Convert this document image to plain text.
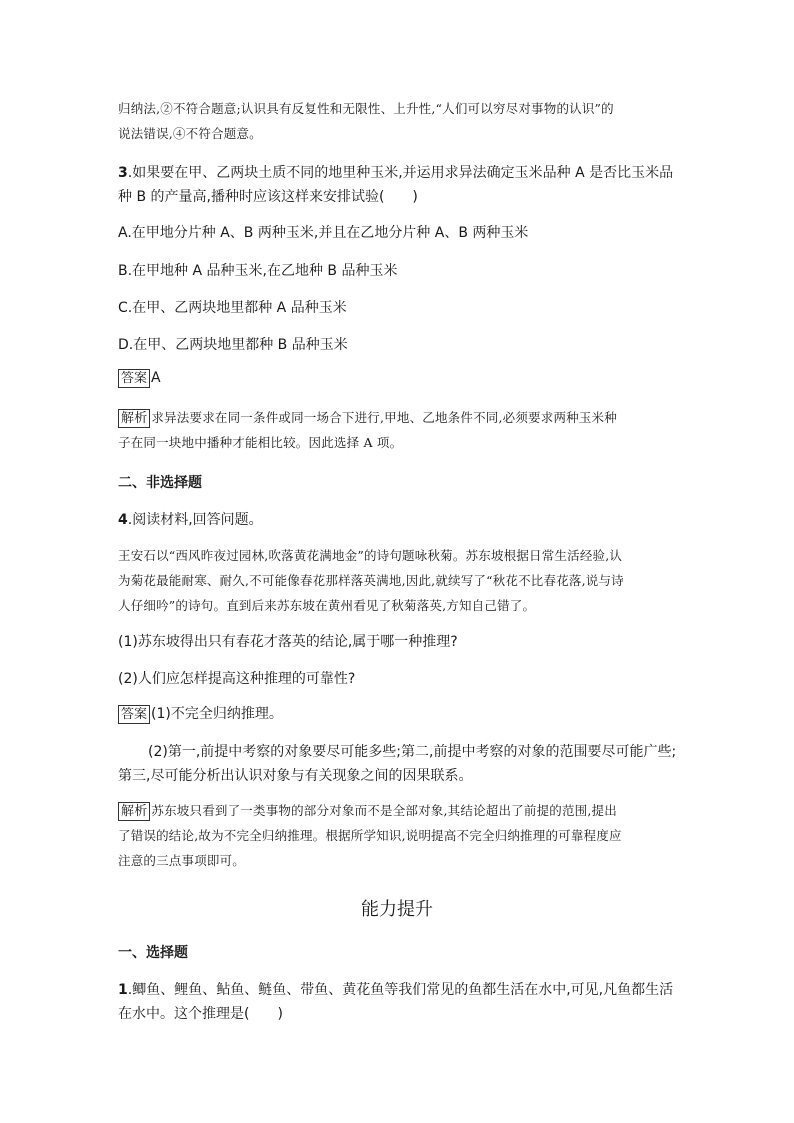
归纳法,②不符合题意;认识具有反复性和无限性、上升性,“人们可以穷尽对事物的认识”的
说法错误,④不符合题意。
3.如果要在甲、乙两块土质不同的地里种玉米,并运用求异法确定玉米品种 A 是否比玉米品
种 B 的产量高,播种时应该这样来安排试验(　　)
A.在甲地分片种 A、B 两种玉米,并且在乙地分片种 A、B 两种玉米
B.在甲地种 A 品种玉米,在乙地种 B 品种玉米
C.在甲、乙两块地里都种 A 品种玉米
D.在甲、乙两块地里都种 B 品种玉米
答案 A
解析 求异法要求在同一条件或同一场合下进行,甲地、乙地条件不同,必须要求两种玉米种
子在同一块地中播种才能相比较。因此选择 A 项。
二、非选择题
4.阅读材料,回答问题。
王安石以“西风昨夜过园林,吹落黄花满地金”的诗句题咏秋菊。苏东坡根据日常生活经验,认
为菊花最能耐寒、耐久,不可能像春花那样落英满地,因此,就续写了“秋花不比春花落,说与诗
人仔细吟”的诗句。直到后来苏东坡在黄州看见了秋菊落英,方知自己错了。
(1)苏东坡得出只有春花才落英的结论,属于哪一种推理?
(2)人们应怎样提高这种推理的可靠性?
答案 (1)不完全归纳推理。
(2)第一,前提中考察的对象要尽可能多些;第二,前提中考察的对象的范围要尽可能广些;
第三,尽可能分析出认识对象与有关现象之间的因果联系。
解析 苏东坡只看到了一类事物的部分对象而不是全部对象,其结论超出了前提的范围,提出
了错误的结论,故为不完全归纳推理。根据所学知识,说明提高不完全归纳推理的可靠程度应
注意的三点事项即可。
能力提升
一、选择题
1.鲫鱼、鲤鱼、鲇鱼、鲢鱼、带鱼、黄花鱼等我们常见的鱼都生活在水中,可见,凡鱼都生活
在水中。这个推理是(　　)
